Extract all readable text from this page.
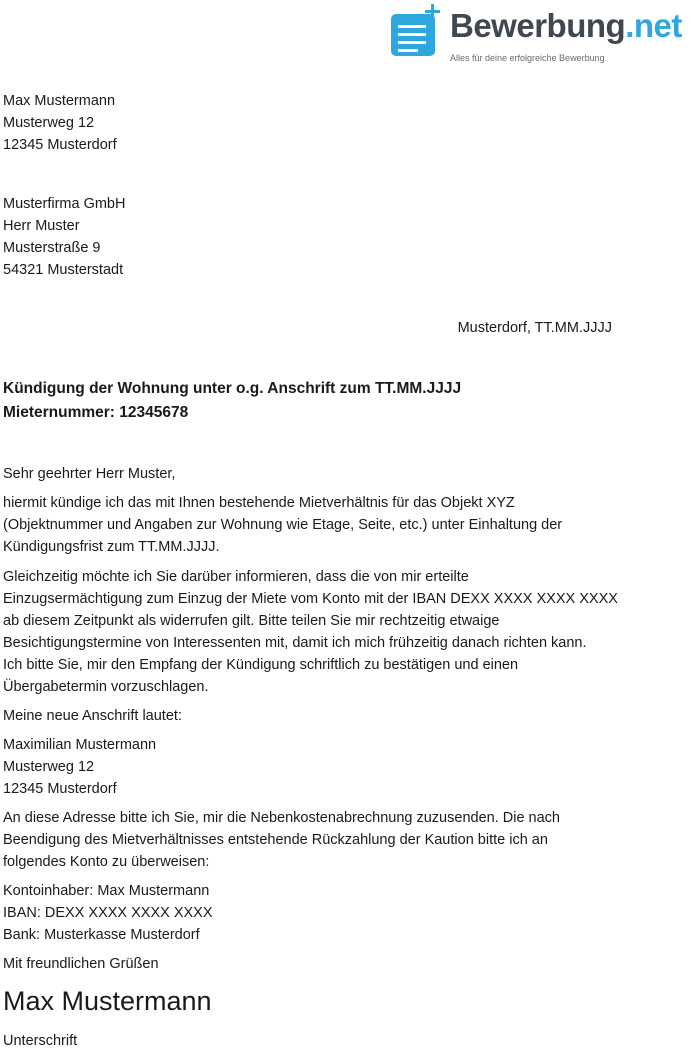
Bewerbung.net
Alles für deine erfolgreiche Bewerbung
Max Mustermann
Musterweg 12
12345 Musterdorf
Musterfirma GmbH
Herr Muster
Musterstraße 9
54321 Musterstadt
Musterdorf, TT.MM.JJJJ
Kündigung der Wohnung unter o.g. Anschrift zum TT.MM.JJJJ
Mieternummer: 12345678
Sehr geehrter Herr Muster,
hiermit kündige ich das mit Ihnen bestehende Mietverhältnis für das Objekt XYZ
(Objektnummer und Angaben zur Wohnung wie Etage, Seite, etc.) unter Einhaltung der
Kündigungsfrist zum TT.MM.JJJJ.
Gleichzeitig möchte ich Sie darüber informieren, dass die von mir erteilte
Einzugsermächtigung zum Einzug der Miete vom Konto mit der IBAN DEXX XXXX XXXX XXXX
ab diesem Zeitpunkt als widerrufen gilt. Bitte teilen Sie mir rechtzeitig etwaige
Besichtigungstermine von Interessenten mit, damit ich mich frühzeitig danach richten kann.
Ich bitte Sie, mir den Empfang der Kündigung schriftlich zu bestätigen und einen
Übergabetermin vorzuschlagen.
Meine neue Anschrift lautet:
Maximilian Mustermann
Musterweg 12
12345 Musterdorf
An diese Adresse bitte ich Sie, mir die Nebenkostenabrechnung zuzusenden. Die nach
Beendigung des Mietverhältnisses entstehende Rückzahlung der Kaution bitte ich an
folgendes Konto zu überweisen:
Kontoinhaber: Max Mustermann
IBAN: DEXX XXXX XXXX XXXX
Bank: Musterkasse Musterdorf
Mit freundlichen Grüßen
Max Mustermann
Unterschrift
